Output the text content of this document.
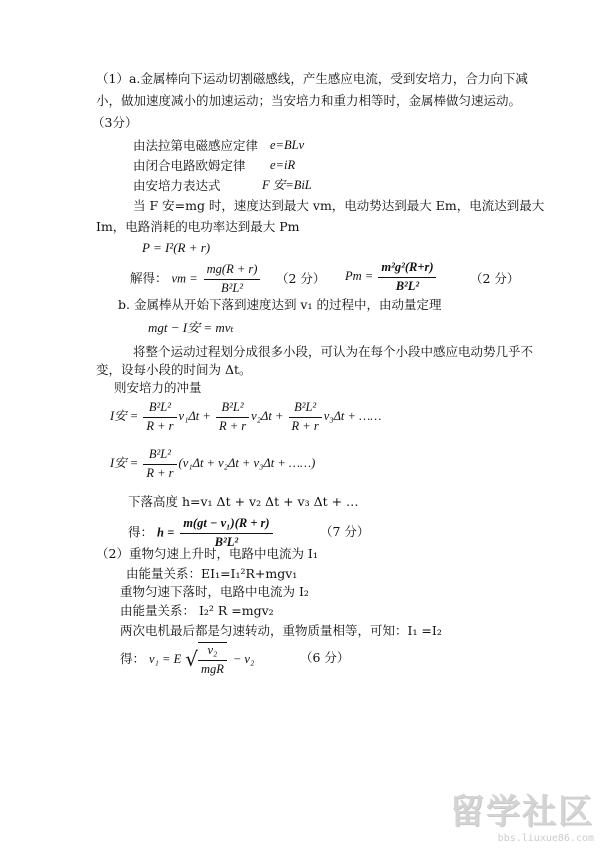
（1）a.金属棒向下运动切割磁感线，产生感应电流，受到安培力，合力向下减
小，做加速度减小的加速运动；当安培力和重力相等时，金属棒做匀速运动。
（3分）
由法拉第电磁感应定律 e=BLv
由闭合电路欧姆定律 e=iR
由安培力表达式	F 安=BiL
当 F 安=mg 时，速度达到最大 vm，电动势达到最大 Em，电流达到最大
Im，电路消耗的电功率达到最大 Pm
P = I²(R + r)
解得： vm = $\frac{mg(R + r)}{\text{B²L²}} (2$ 分） $Pm = \frac{\text{m²g²(R+r)}}{\text{B²L²}}$	（2 分）
b. 金属棒从开始下落到速度达到 v₁ 的过程中，由动量定理
mgt − I安 = mvₜ
将整个运动过程划分成很多小段，可认为在每个小段中感应电动势几乎不
变，设每小段的时间为 Δt。
则安培力的冲量
I安 = $\frac{\text{B²L²}}{R + r} v_1\Delta t + \frac{\text{B²L²}}{R + r} v_2\Delta t + \frac{\text{B²L²}}{R + r} v_3\Delta t$ + ……
I安 = $\frac{\text{B²L²}}{R + r} (v_1\Delta t + v_2\Delta t + v_3\Delta t$ + ……)
下落高度 h=v₁ Δt + v₂ Δt + v₃ Δt + …
得： $h = \frac{\text{m(gt − v₁)(R + r)}}{\text{B²L²}}$	（7 分）
（2）重物匀速上升时，电路中电流为 I₁
由能量关系：EI₁=I₁²R+mgv₁
重物匀速下落时，电路中电流为 I₂
由能量关系： I₂² R =mgv₂
两次电机最后都是匀速转动，重物质量相等，可知：I₁ =I₂
得： v₁ = E √ $\frac{\text{v₂}}{\text{mgR}} - v_2$	（6 分）
留学社区
bbs.liuxue86.com
